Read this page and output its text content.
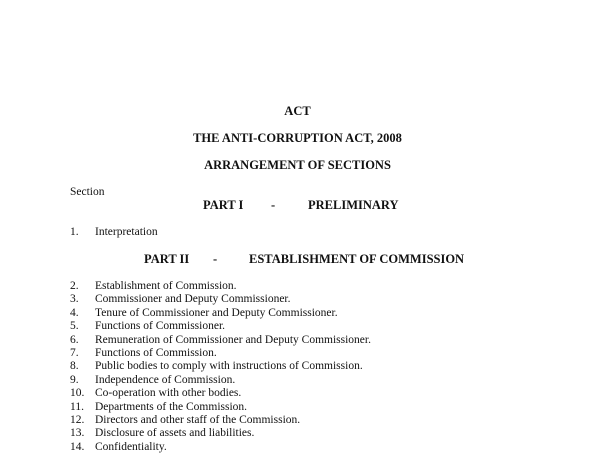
ACT
THE ANTI-CORRUPTION ACT, 2008
ARRANGEMENT OF SECTIONS
Section
PART I -	PRELIMINARY
1. Interpretation
PART II -	ESTABLISHMENT OF COMMISSION
2. Establishment of Commission.
3. Commissioner and Deputy Commissioner.
4. Tenure of Commissioner and Deputy Commissioner.
5. Functions of Commissioner.
6. Remuneration of Commissioner and Deputy Commissioner.
7. Functions of Commission.
8. Public bodies to comply with instructions of Commission.
9. Independence of Commission.
10. Co-operation with other bodies.
11. Departments of the Commission.
12. Directors and other staff of the Commission.
13. Disclosure of assets and liabilities.
14. Confidentiality.
